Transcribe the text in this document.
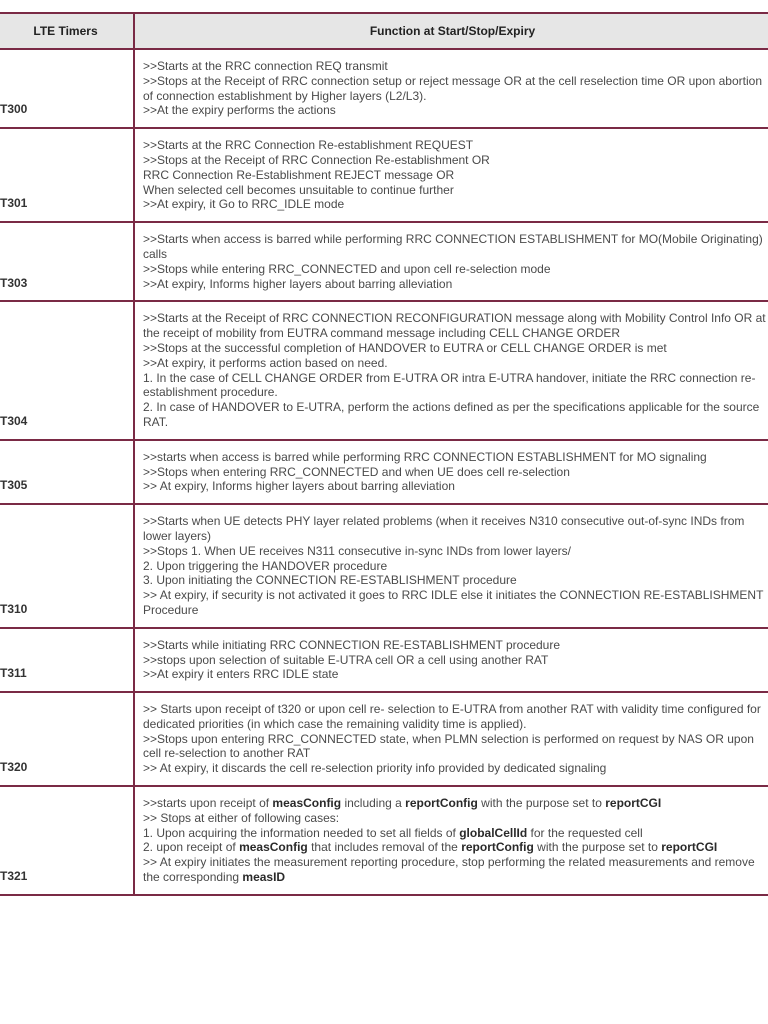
LTE Timers	Function at Start/Stop/Expiry
T300	>>Starts at the RRC connection REQ transmit
>>Stops at the Receipt of RRC connection setup or reject message OR at the cell reselection time OR upon abortion of connection establishment by Higher layers (L2/L3).
>>At the expiry performs the actions

T301	>>Starts at the RRC Connection Re-establishment REQUEST
>>Stops at the Receipt of RRC Connection Re-establishment OR
RRC Connection Re-Establishment REJECT message OR
When selected cell becomes unsuitable to continue further
>>At expiry, it Go to RRC_IDLE mode

T303	>>Starts when access is barred while performing RRC CONNECTION ESTABLISHMENT for MO(Mobile Originating) calls
>>Stops while entering RRC_CONNECTED and upon cell re-selection mode
>>At expiry, Informs higher layers about barring alleviation

T304	>>Starts at the Receipt of RRC CONNECTION RECONFIGURATION message along with Mobility Control Info OR at the receipt of mobility from EUTRA command message including CELL CHANGE ORDER
>>Stops at the successful completion of HANDOVER to EUTRA or CELL CHANGE ORDER is met
>>At expiry, it performs action based on need.
1. In the case of CELL CHANGE ORDER from E-UTRA OR intra E-UTRA handover, initiate the RRC connection re-establishment procedure.
2. In case of HANDOVER to E-UTRA, perform the actions defined as per the specifications applicable for the source RAT.

T305	>>starts when access is barred while performing RRC CONNECTION ESTABLISHMENT for MO signaling
>>Stops when entering RRC_CONNECTED and when UE does cell re-selection
>> At expiry, Informs higher layers about barring alleviation

T310	>>Starts when UE detects PHY layer related problems (when it receives N310 consecutive out-of-sync INDs from lower layers)
>>Stops 1. When UE receives N311 consecutive in-sync INDs from lower layers/
2. Upon triggering the HANDOVER procedure
3. Upon initiating the CONNECTION RE-ESTABLISHMENT procedure
>> At expiry, if security is not activated it goes to RRC IDLE else it initiates the CONNECTION RE-ESTABLISHMENT Procedure

T311	>>Starts while initiating RRC CONNECTION RE-ESTABLISHMENT procedure
>>stops upon selection of suitable E-UTRA cell OR a cell using another RAT
>>At expiry it enters RRC IDLE state

T320	>> Starts upon receipt of t320 or upon cell re- selection to E-UTRA from another RAT with validity time configured for dedicated priorities (in which case the remaining validity time is applied).
>>Stops upon entering RRC_CONNECTED state, when PLMN selection is performed on request by NAS OR upon cell re-selection to another RAT
>> At expiry, it discards the cell re-selection priority info provided by dedicated signaling

T321	>>starts upon receipt of measConfig including a reportConfig with the purpose set to reportCGI
>> Stops at either of following cases:
1. Upon acquiring the information needed to set all fields of globalCellId for the requested cell
2. upon receipt of measConfig that includes removal of the reportConfig with the purpose set to reportCGI
>> At expiry initiates the measurement reporting procedure, stop performing the related measurements and remove the corresponding measID
